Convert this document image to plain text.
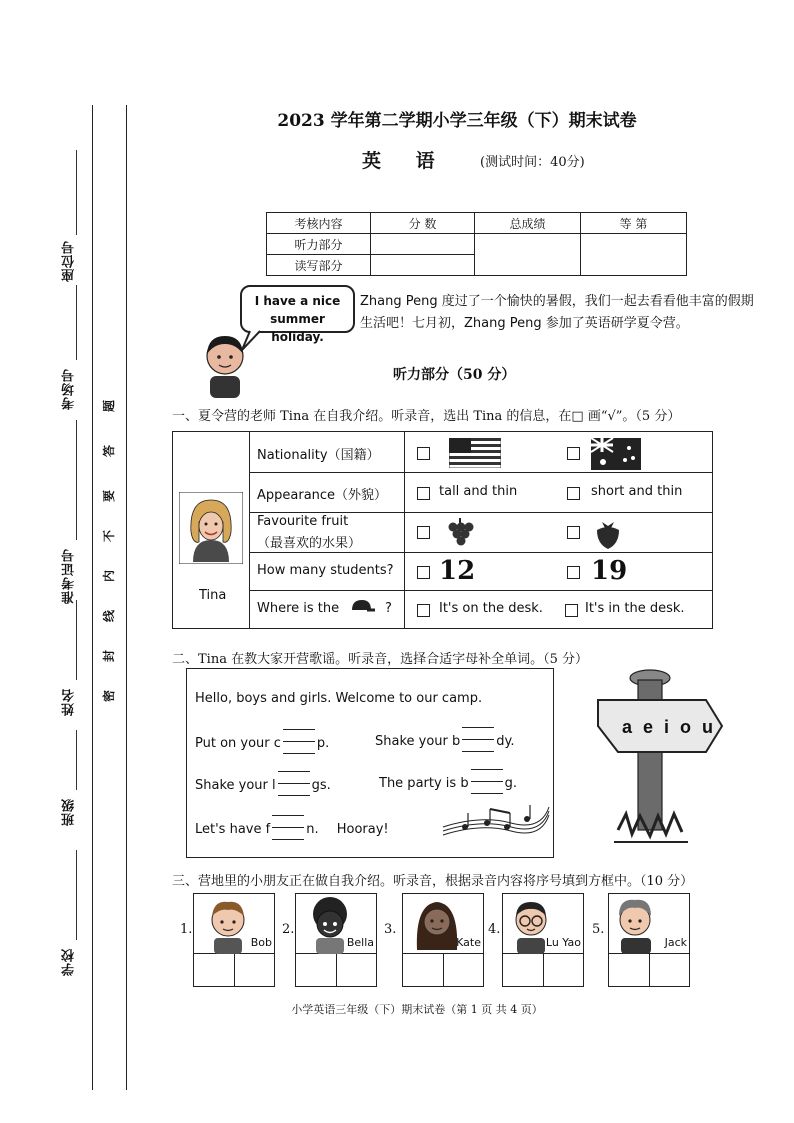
座位号
考场号
准考证号
姓名
班级
学校
密
封
线
内
不
要
答
题
2023 学年第二学期小学三年级（下）期末试卷
英 语 (测试时间：40分)
考核内容	分 数	总成绩	等 第
听力部分			
读写部分			
I have a nice
summer holiday.
Zhang Peng 度过了一个愉快的暑假，我们一起去看看他丰富的假期生活吧！七月初，Zhang Peng 参加了英语研学夏令营。
听力部分（50 分）
一、夏令营的老师 Tina 在自我介绍。听录音，选出 Tina 的信息，在□ 画“√”。（5 分）
Tina
Nationality（国籍）
Appearance（外貌）	tall and thin	short and thin
Favourite fruit
（最喜欢的水果）
How many students? 12	19
Where is the	?	It's on the desk.	It's in the desk.
二、Tina 在教大家开营歌谣。听录音，选择合适字母补全单词。（5 分）
Hello, boys and girls. Welcome to our camp.
Put on your c	p.	Shake your b	dy.
Shake your l	gs.	The party is b	g.
Let's have f	n. Hooray!
a e i o u
三、营地里的小朋友正在做自我介绍。听录音，根据录音内容将序号填到方框中。（10 分）
1.
Bob
2.
Bella
3.
Kate
4.
Lu Yao
5.
Jack
小学英语三年级（下）期末试卷（第 1 页 共 4 页）
